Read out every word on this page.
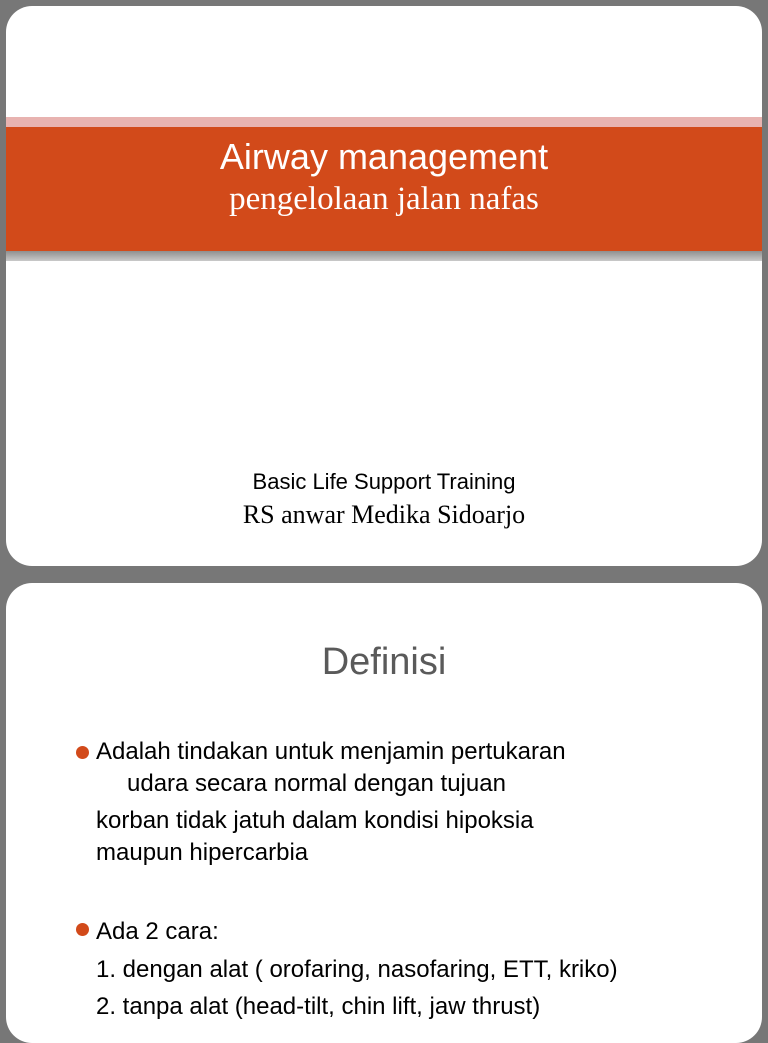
Airway management
pengelolaan jalan nafas
Basic Life Support Training
RS anwar Medika Sidoarjo
Definisi
Adalah tindakan untuk menjamin pertukaran
udara secara normal dengan tujuan
korban tidak jatuh dalam kondisi hipoksia
maupun hipercarbia
Ada 2 cara:
1. dengan alat ( orofaring, nasofaring, ETT, kriko)
2. tanpa alat (head-tilt, chin lift, jaw thrust)
